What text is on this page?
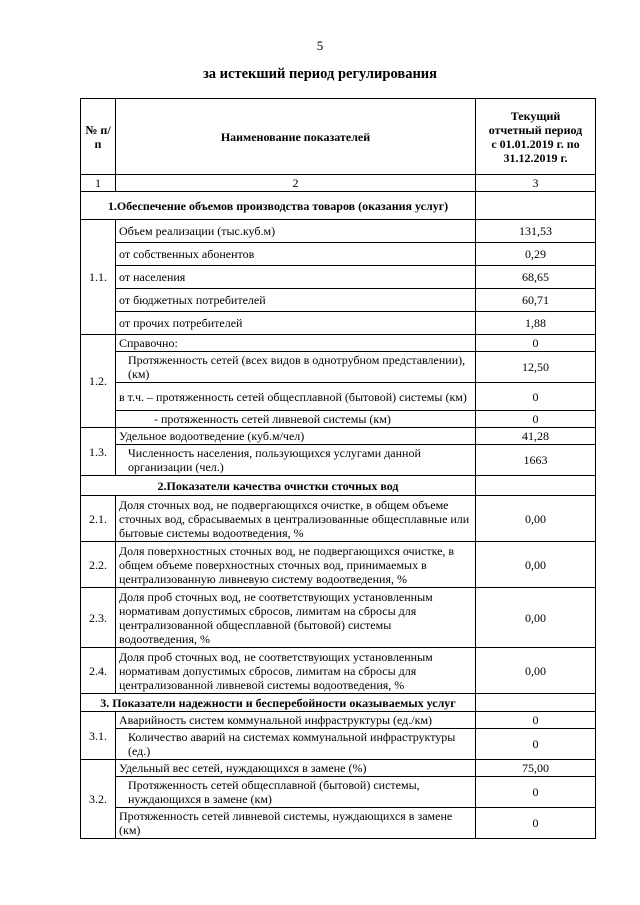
5
за истекший период регулирования
№ п/п	Наименование показателей	Текущий
отчетный период
с 01.01.2019 г. по
31.12.2019 г.

1	2	3
1.Обеспечение объемов производства товаров (оказания услуг)		
1.1.	Объем реализации (тыс.куб.м)	131,53
	от собственных абонентов	0,29
	от населения	68,65
	от бюджетных потребителей	60,71
	от прочих потребителей	1,88
1.2.	Справочно:	0
	Протяженность сетей (всех видов в однотрубном представлении), (км)	12,50
	в т.ч. – протяженность сетей общесплавной (бытовой) системы (км)	0
	- протяженность сетей ливневой системы (км)	0
1.3.	Удельное водоотведение (куб.м/чел)	41,28
	Численность населения, пользующихся услугами данной организации (чел.)	1663
2.Показатели качества очистки сточных вод		
2.1.	Доля сточных вод, не подвергающихся очистке, в общем объеме сточных вод, сбрасываемых в централизованные общесплавные или бытовые системы водоотведения, %	0,00
2.2.	Доля поверхностных сточных вод, не подвергающихся очистке, в общем объеме поверхностных сточных вод, принимаемых в централизованную ливневую систему водоотведения, %	0,00
2.3.	Доля проб сточных вод, не соответствующих установленным нормативам допустимых сбросов, лимитам на сбросы для централизованной общесплавной (бытовой) системы водоотведения, %	0,00
2.4.	Доля проб сточных вод, не соответствующих установленным нормативам допустимых сбросов, лимитам на сбросы для централизованной ливневой системы водоотведения, %	0,00
3. Показатели надежности и бесперебойности оказываемых услуг		
3.1.	Аварийность систем коммунальной инфраструктуры (ед./км)	0
	Количество аварий на системах коммунальной инфраструктуры (ед.)	0
3.2.	Удельный вес сетей, нуждающихся в замене (%)	75,00
	Протяженность сетей общесплавной (бытовой) системы, нуждающихся в замене (км)	0
	Протяженность сетей ливневой системы, нуждающихся в замене (км)	0
